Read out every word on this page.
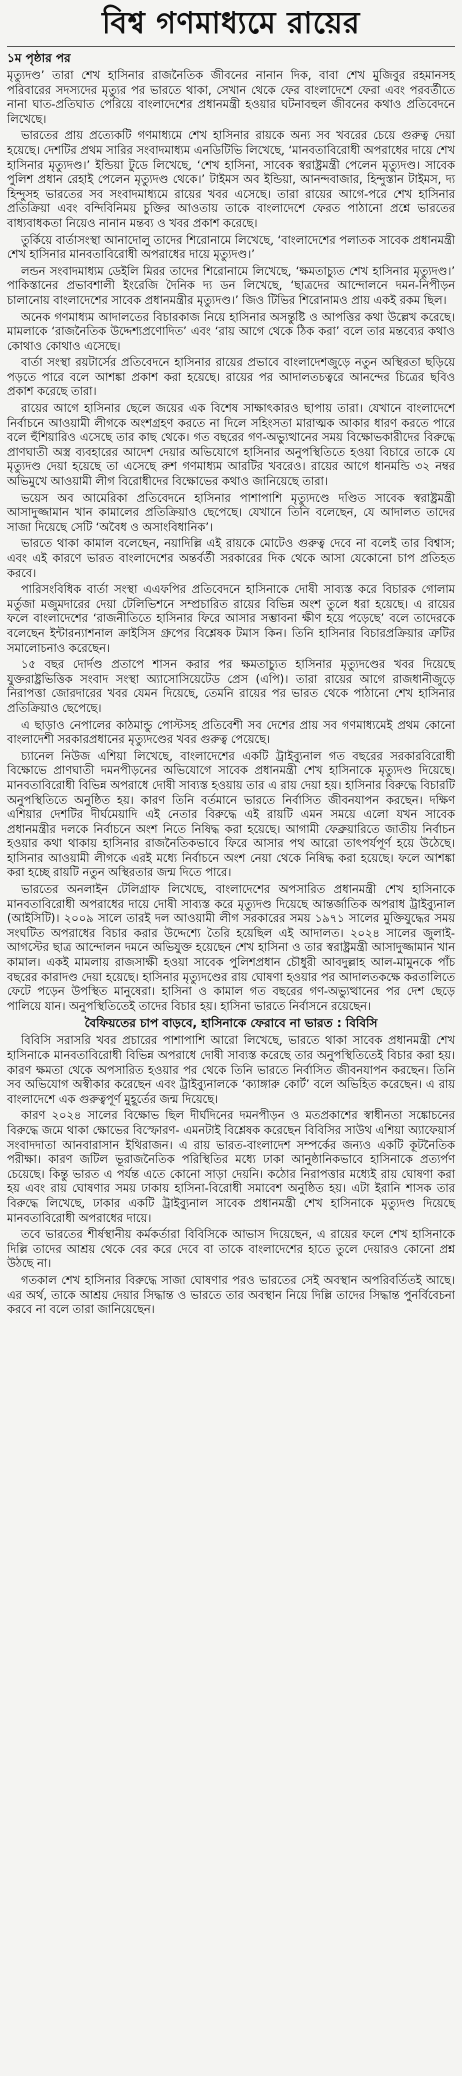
বিশ্ব গণমাধ্যমে রায়ের
১ম পৃষ্ঠার পর

মৃত্যুদণ্ড’ তারা শেখ হাসিনার রাজনৈতিক জীবনের নানান দিক, বাবা শেখ মুজিবুর রহমানসহ পরিবারের সদস্যদের মৃত্যুর পর ভারতে থাকা, সেখান থেকে ফের বাংলাদেশে ফেরা এবং পরবর্তীতে নানা ঘাত-প্রতিঘাত পেরিয়ে বাংলাদেশের প্রধানমন্ত্রী হওয়ার ঘটনাবহুল জীবনের কথাও প্রতিবেদনে লিখেছে।

ভারতের প্রায় প্রত্যেকটি গণমাধ্যমে শেখ হাসিনার রায়কে অন্য সব খবরের চেয়ে গুরুত্ব দেয়া হয়েছে। দেশটির প্রথম সারির সংবাদমাধ্যম এনডিটিভি লিখেছে, ‘মানবতাবিরোধী অপরাধের দায়ে শেখ হাসিনার মৃত্যুদণ্ড।’ ইন্ডিয়া টুডে লিখেছে, ‘শেখ হাসিনা, সাবেক স্বরাষ্ট্রমন্ত্রী পেলেন মৃত্যুদণ্ড। সাবেক পুলিশ প্রধান রেহাই পেলেন মৃত্যুদণ্ড থেকে।’ টাইমস অব ইন্ডিয়া, আনন্দবাজার, হিন্দুস্তান টাইমস, দ্য হিন্দুসহ ভারতের সব সংবাদমাধ্যমে রায়ের খবর এসেছে। তারা রায়ের আগে-পরে শেখ হাসিনার প্রতিক্রিয়া এবং বন্দিবিনিময় চুক্তির আওতায় তাকে বাংলাদেশে ফেরত পাঠানো প্রশ্নে ভারতের বাধ্যবাধকতা নিয়েও নানান মন্তব্য ও খবর প্রকাশ করেছে।

তুর্কিয়ে বার্তাসংস্থা আনাদোলু তাদের শিরোনামে লিখেছে, ‘বাংলাদেশের পলাতক সাবেক প্রধানমন্ত্রী শেখ হাসিনার মানবতাবিরোধী অপরাধের দায়ে মৃত্যুদণ্ড।’

লন্ডন সংবাদমাধ্যম ডেইলি মিরর তাদের শিরোনামে লিখেছে, ‘ক্ষমতাচ্যুত শেখ হাসিনার মৃত্যুদণ্ড।’ পাকিস্তানের প্রভাবশালী ইংরেজি দৈনিক দ্য ডন লিখেছে, ‘ছাত্রদের আন্দোলনে দমন-নিপীড়ন চালানোয় বাংলাদেশের সাবেক প্রধানমন্ত্রীর মৃত্যুদণ্ড।’ জিও টিভির শিরোনামও প্রায় একই রকম ছিল।

অনেক গণমাধ্যম আদালতের বিচারকাজ নিয়ে হাসিনার অসন্তুষ্টি ও আপত্তির কথা উল্লেখ করেছে। মামলাকে ‘রাজনৈতিক উদ্দেশ্যপ্রণোদিত’ এবং ‘রায় আগে থেকে ঠিক করা’ বলে তার মন্তব্যের কথাও কোথাও কোথাও এসেছে।

বার্তা সংস্থা রয়টার্সের প্রতিবেদনে হাসিনার রায়ের প্রভাবে বাংলাদেশজুড়ে নতুন অস্থিরতা ছড়িয়ে পড়তে পারে বলে আশঙ্কা প্রকাশ করা হয়েছে। রায়ের পর আদালতচত্বরে আনন্দের চিত্রের ছবিও প্রকাশ করেছে তারা।

রায়ের আগে হাসিনার ছেলে জয়ের এক বিশেষ সাক্ষাৎকারও ছাপায় তারা। যেখানে বাংলাদেশে নির্বাচনে আওয়ামী লীগকে অংশগ্রহণ করতে না দিলে সহিংসতা মারাত্মক আকার ধারণ করতে পারে বলে হুঁশিয়ারিও এসেছে তার কাছ থেকে। গত বছরের গণ-অভ্যুত্থানের সময় বিক্ষোভকারীদের বিরুদ্ধে প্রাণঘাতী অস্ত্র ব্যবহারের আদেশ দেয়ার অভিযোগে হাসিনার অনুপস্থিতিতে হওয়া বিচারে তাকে যে মৃত্যুদণ্ড দেয়া হয়েছে তা এসেছে রুশ গণমাধ্যম আরটির খবরেও। রায়ের আগে ধানমন্ডি ৩২ নম্বর অভিমুখে আওয়ামী লীগ বিরোধীদের বিক্ষোভের কথাও জানিয়েছে তারা।

ভয়েস অব আমেরিকা প্রতিবেদনে হাসিনার পাশাপাশি মৃত্যুদণ্ডে দণ্ডিত সাবেক স্বরাষ্ট্রমন্ত্রী আসাদুজ্জামান খান কামালের প্রতিক্রিয়াও ছেপেছে। যেখানে তিনি বলেছেন, যে আদালত তাদের সাজা দিয়েছে সেটি ‘অবৈধ ও অসাংবিধানিক’।

ভারতে থাকা কামাল বলেছেন, নয়াদিল্লি এই রায়কে মোটেও গুরুত্ব দেবে না বলেই তার বিশ্বাস; এবং এই কারণে ভারত বাংলাদেশের অন্তর্বর্তী সরকারের দিক থেকে আসা যেকোনো চাপ প্রতিহত করবে।

পারিসংবিধিক বার্তা সংস্থা এএফপির প্রতিবেদনে হাসিনাকে দোষী সাব্যস্ত করে বিচারক গোলাম মর্তুজা মজুমদারের দেয়া টেলিভিশনে সম্প্রচারিত রায়ের বিভিন্ন অংশ তুলে ধরা হয়েছে। এ রায়ের ফলে বাংলাদেশের ‘রাজনীতিতে হাসিনার ফিরে আসার সম্ভাবনা ক্ষীণ হয়ে পড়েছে’ বলে তাদেরকে বলেছেন ইন্টারন্যাশনাল ক্রাইসিস গ্রুপের বিশ্লেষক টমাস কিন। তিনি হাসিনার বিচারপ্রক্রিয়ার ত্রুটির সমালোচনাও করেছেন।

১৫ বছর দোর্দণ্ড প্রতাপে শাসন করার পর ক্ষমতাচ্যুত হাসিনার মৃত্যুদণ্ডের খবর দিয়েছে যুক্তরাষ্ট্রভিত্তিক সংবাদ সংস্থা অ্যাসোসিয়েটেড প্রেস (এপি)। তারা রায়ের আগে রাজধানীজুড়ে নিরাপত্তা জোরদারের খবর যেমন দিয়েছে, তেমনি রায়ের পর ভারত থেকে পাঠানো শেখ হাসিনার প্রতিক্রিয়াও ছেপেছে।

এ ছাড়াও নেপালের কাঠমান্ডু পোস্টসহ প্রতিবেশী সব দেশের প্রায় সব গণমাধ্যমেই প্রথম কোনো বাংলাদেশী সরকারপ্রধানের মৃত্যুদণ্ডের খবর গুরুত্ব পেয়েছে।

চ্যানেল নিউজ এশিয়া লিখেছে, বাংলাদেশের একটি ট্রাইব্যুনাল গত বছরের সরকারবিরোধী বিক্ষোভে প্রাণঘাতী দমনপীড়নের অভিযোগে সাবেক প্রধানমন্ত্রী শেখ হাসিনাকে মৃত্যুদণ্ড দিয়েছে। মানবতাবিরোধী বিভিন্ন অপরাধে দোষী সাব্যস্ত হওয়ায় তার এ রায় দেয়া হয়। হাসিনার বিরুদ্ধে বিচারটি অনুপস্থিতিতে অনুষ্ঠিত হয়। কারণ তিনি বর্তমানে ভারতে নির্বাসিত জীবনযাপন করছেন। দক্ষিণ এশিয়ার দেশটির দীর্ঘমেয়াদি এই নেতার বিরুদ্ধে এই রায়টি এমন সময়ে এলো যখন সাবেক প্রধানমন্ত্রীর দলকে নির্বাচনে অংশ নিতে নিষিদ্ধ করা হয়েছে। আগামী ফেব্রুয়ারিতে জাতীয় নির্বাচন হওয়ার কথা থাকায় হাসিনার রাজনৈতিকভাবে ফিরে আসার পথ আরো তাৎপর্যপূর্ণ হয়ে উঠেছে। হাসিনার আওয়ামী লীগকে এরই মধ্যে নির্বাচনে অংশ নেয়া থেকে নিষিদ্ধ করা হয়েছে। ফলে আশঙ্কা করা হচ্ছে রায়টি নতুন অস্থিরতার জন্ম দিতে পারে।

ভারতের অনলাইন টেলিগ্রাফ লিখেছে, বাংলাদেশের অপসারিত প্রধানমন্ত্রী শেখ হাসিনাকে মানবতাবিরোধী অপরাধের দায়ে দোষী সাব্যস্ত করে মৃত্যুদণ্ড দিয়েছে আন্তর্জাতিক অপরাধ ট্রাইব্যুনাল (আইসিটি)। ২০০৯ সালে তারই দল আওয়ামী লীগ সরকারের সময় ১৯৭১ সালের মুক্তিযুদ্ধের সময় সংঘটিত অপরাধের বিচার করার উদ্দেশ্যে তৈরি হয়েছিল এই আদালত। ২০২৪ সালের জুলাই-আগস্টের ছাত্র আন্দোলন দমনে অভিযুক্ত হয়েছেন শেখ হাসিনা ও তার স্বরাষ্ট্রমন্ত্রী আসাদুজ্জামান খান কামাল। একই মামলায় রাজসাক্ষী হওয়া সাবেক পুলিশপ্রধান চৌধুরী আবদুল্লাহ আল-মামুনকে পাঁচ বছরের কারাদণ্ড দেয়া হয়েছে। হাসিনার মৃত্যুদণ্ডের রায় ঘোষণা হওয়ার পর আদালতকক্ষে করতালিতে ফেটে পড়েন উপস্থিত মানুষেরা। হাসিনা ও কামাল গত বছরের গণ-অভ্যুত্থানের পর দেশ ছেড়ে পালিয়ে যান। অনুপস্থিতিতেই তাদের বিচার হয়। হাসিনা ভারতে নির্বাসনে রয়েছেন।

বৈফিয়তের চাপ বাড়বে, হাসিনাকে ফেরাবে না ভারত : বিবিসি

বিবিসি সরাসরি খবর প্রচারের পাশাপাশি আরো লিখেছে, ভারতে থাকা সাবেক প্রধানমন্ত্রী শেখ হাসিনাকে মানবতাবিরোধী বিভিন্ন অপরাধে দোষী সাব্যস্ত করেছে তার অনুপস্থিতিতেই বিচার করা হয়। কারণ ক্ষমতা থেকে অপসারিত হওয়ার পর থেকে তিনি ভারতে নির্বাসিত জীবনযাপন করছেন। তিনি সব অভিযোগ অস্বীকার করেছেন এবং ট্রাইব্যুনালকে ‘ক্যাঙ্গারু কোর্ট’ বলে অভিহিত করেছেন। এ রায় বাংলাদেশে এক গুরুত্বপূর্ণ মুহূর্তের জন্ম দিয়েছে।

কারণ ২০২৪ সালের বিক্ষোভ ছিল দীর্ঘদিনের দমনপীড়ন ও মতপ্রকাশের স্বাধীনতা সঙ্কোচনের বিরুদ্ধে জমে থাকা ক্ষোভের বিস্ফোরণ- এমনটাই বিশ্লেষক করেছেন বিবিসির সাউথ এশিয়া অ্যাফেয়ার্স সংবাদদাতা আনবারাসান ইথিরাজন। এ রায় ভারত-বাংলাদেশ সম্পর্কের জন্যও একটি কূটনৈতিক পরীক্ষা। কারণ জটিল ভূরাজনৈতিক পরিস্থিতির মধ্যে ঢাকা আনুষ্ঠানিকভাবে হাসিনাকে প্রত্যর্পণ চেয়েছে। কিন্তু ভারত এ পর্যন্ত এতে কোনো সাড়া দেয়নি। কঠোর নিরাপত্তার মধ্যেই রায় ঘোষণা করা হয় এবং রায় ঘোষণার সময় ঢাকায় হাসিনা-বিরোধী সমাবেশ অনুষ্ঠিত হয়। এটা ইরানি শাসক তার বিরুদ্ধে লিখেছে, ঢাকার একটি ট্রাইব্যুনাল সাবেক প্রধানমন্ত্রী শেখ হাসিনাকে মৃত্যুদণ্ড দিয়েছে মানবতাবিরোধী অপরাধের দায়ে।

তবে ভারতের শীর্ষস্থানীয় কর্মকর্তারা বিবিসিকে আভাস দিয়েছেন, এ রায়ের ফলে শেখ হাসিনাকে দিল্লি তাদের আশ্রয় থেকে বের করে দেবে বা তাকে বাংলাদেশের হাতে তুলে দেয়ারও কোনো প্রশ্ন উঠছে না।

গতকাল শেখ হাসিনার বিরুদ্ধে সাজা ঘোষণার পরও ভারতের সেই অবস্থান অপরিবর্তিতই আছে। এর অর্থ, তাকে আশ্রয় দেয়ার সিদ্ধান্ত ও ভারতে তার অবস্থান নিয়ে দিল্লি তাদের সিদ্ধান্ত পুনর্বিবেচনা করবে না বলে তারা জানিয়েছেন।
